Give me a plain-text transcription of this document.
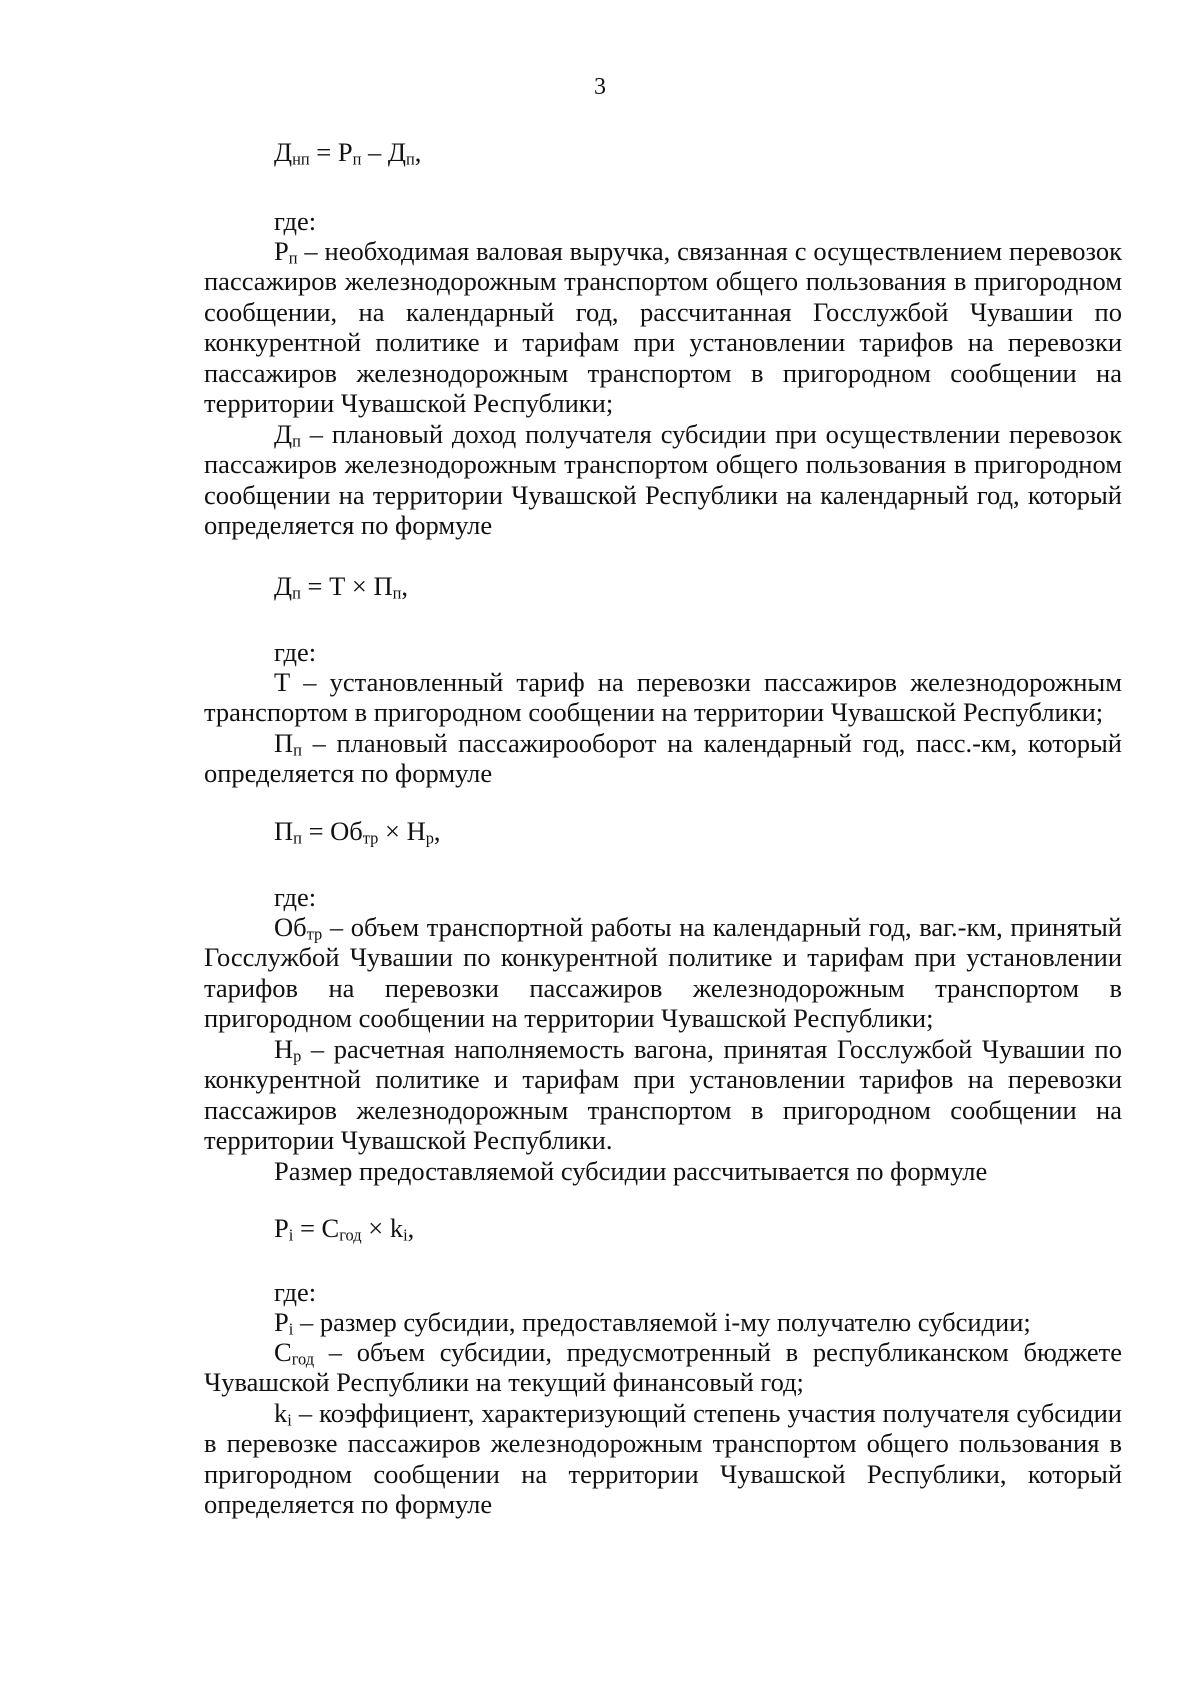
3
$Д_{нп} = Р_п - Д_п$,
где:

$Р_п$ – необходимая валовая выручка, связанная с осуществлением перевозок пассажиров железнодорожным транспортом общего пользования в пригородном сообщении, на календарный год, рассчитанная Госслужбой Чувашии по конкурентной политике и тарифам при установлении тарифов на перевозки пассажиров железнодорожным транспортом в пригородном сообщении на территории Чувашской Республики;

$Д_п$ – плановый доход получателя субсидии при осуществлении перевозок пассажиров железнодорожным транспортом общего пользования в пригородном сообщении на территории Чувашской Республики на календарный год, который определяется по формуле

$Д_п = Т \times П_п$,
где:

Т – установленный тариф на перевозки пассажиров железнодорожным транспортом в пригородном сообщении на территории Чувашской Республики;

$П_п$ – плановый пассажирооборот на календарный год, пасс.-км, который определяется по формуле

$П_п = Об_{тр} \times Н_р$,
где:

$Об_{тр}$ – объем транспортной работы на календарный год, ваг.-км, принятый Госслужбой Чувашии по конкурентной политике и тарифам при установлении тарифов на перевозки пассажиров железнодорожным транспортом в пригородном сообщении на территории Чувашской Республики;

$Н_р$ – расчетная наполняемость вагона, принятая Госслужбой Чувашии по конкурентной политике и тарифам при установлении тарифов на перевозки пассажиров железнодорожным транспортом в пригородном сообщении на территории Чувашской Республики.

Размер предоставляемой субсидии рассчитывается по формуле

$Р_i = С_{год} \times k_i$,
где:

$Р_i$ – размер субсидии, предоставляемой i-му получателю субсидии;

$С_{год}$ – объем субсидии, предусмотренный в республиканском бюджете Чувашской Республики на текущий финансовый год;

$k_i$ – коэффициент, характеризующий степень участия получателя субсидии в перевозке пассажиров железнодорожным транспортом общего пользования в пригородном сообщении на территории Чувашской Республики, который определяется по формуле
